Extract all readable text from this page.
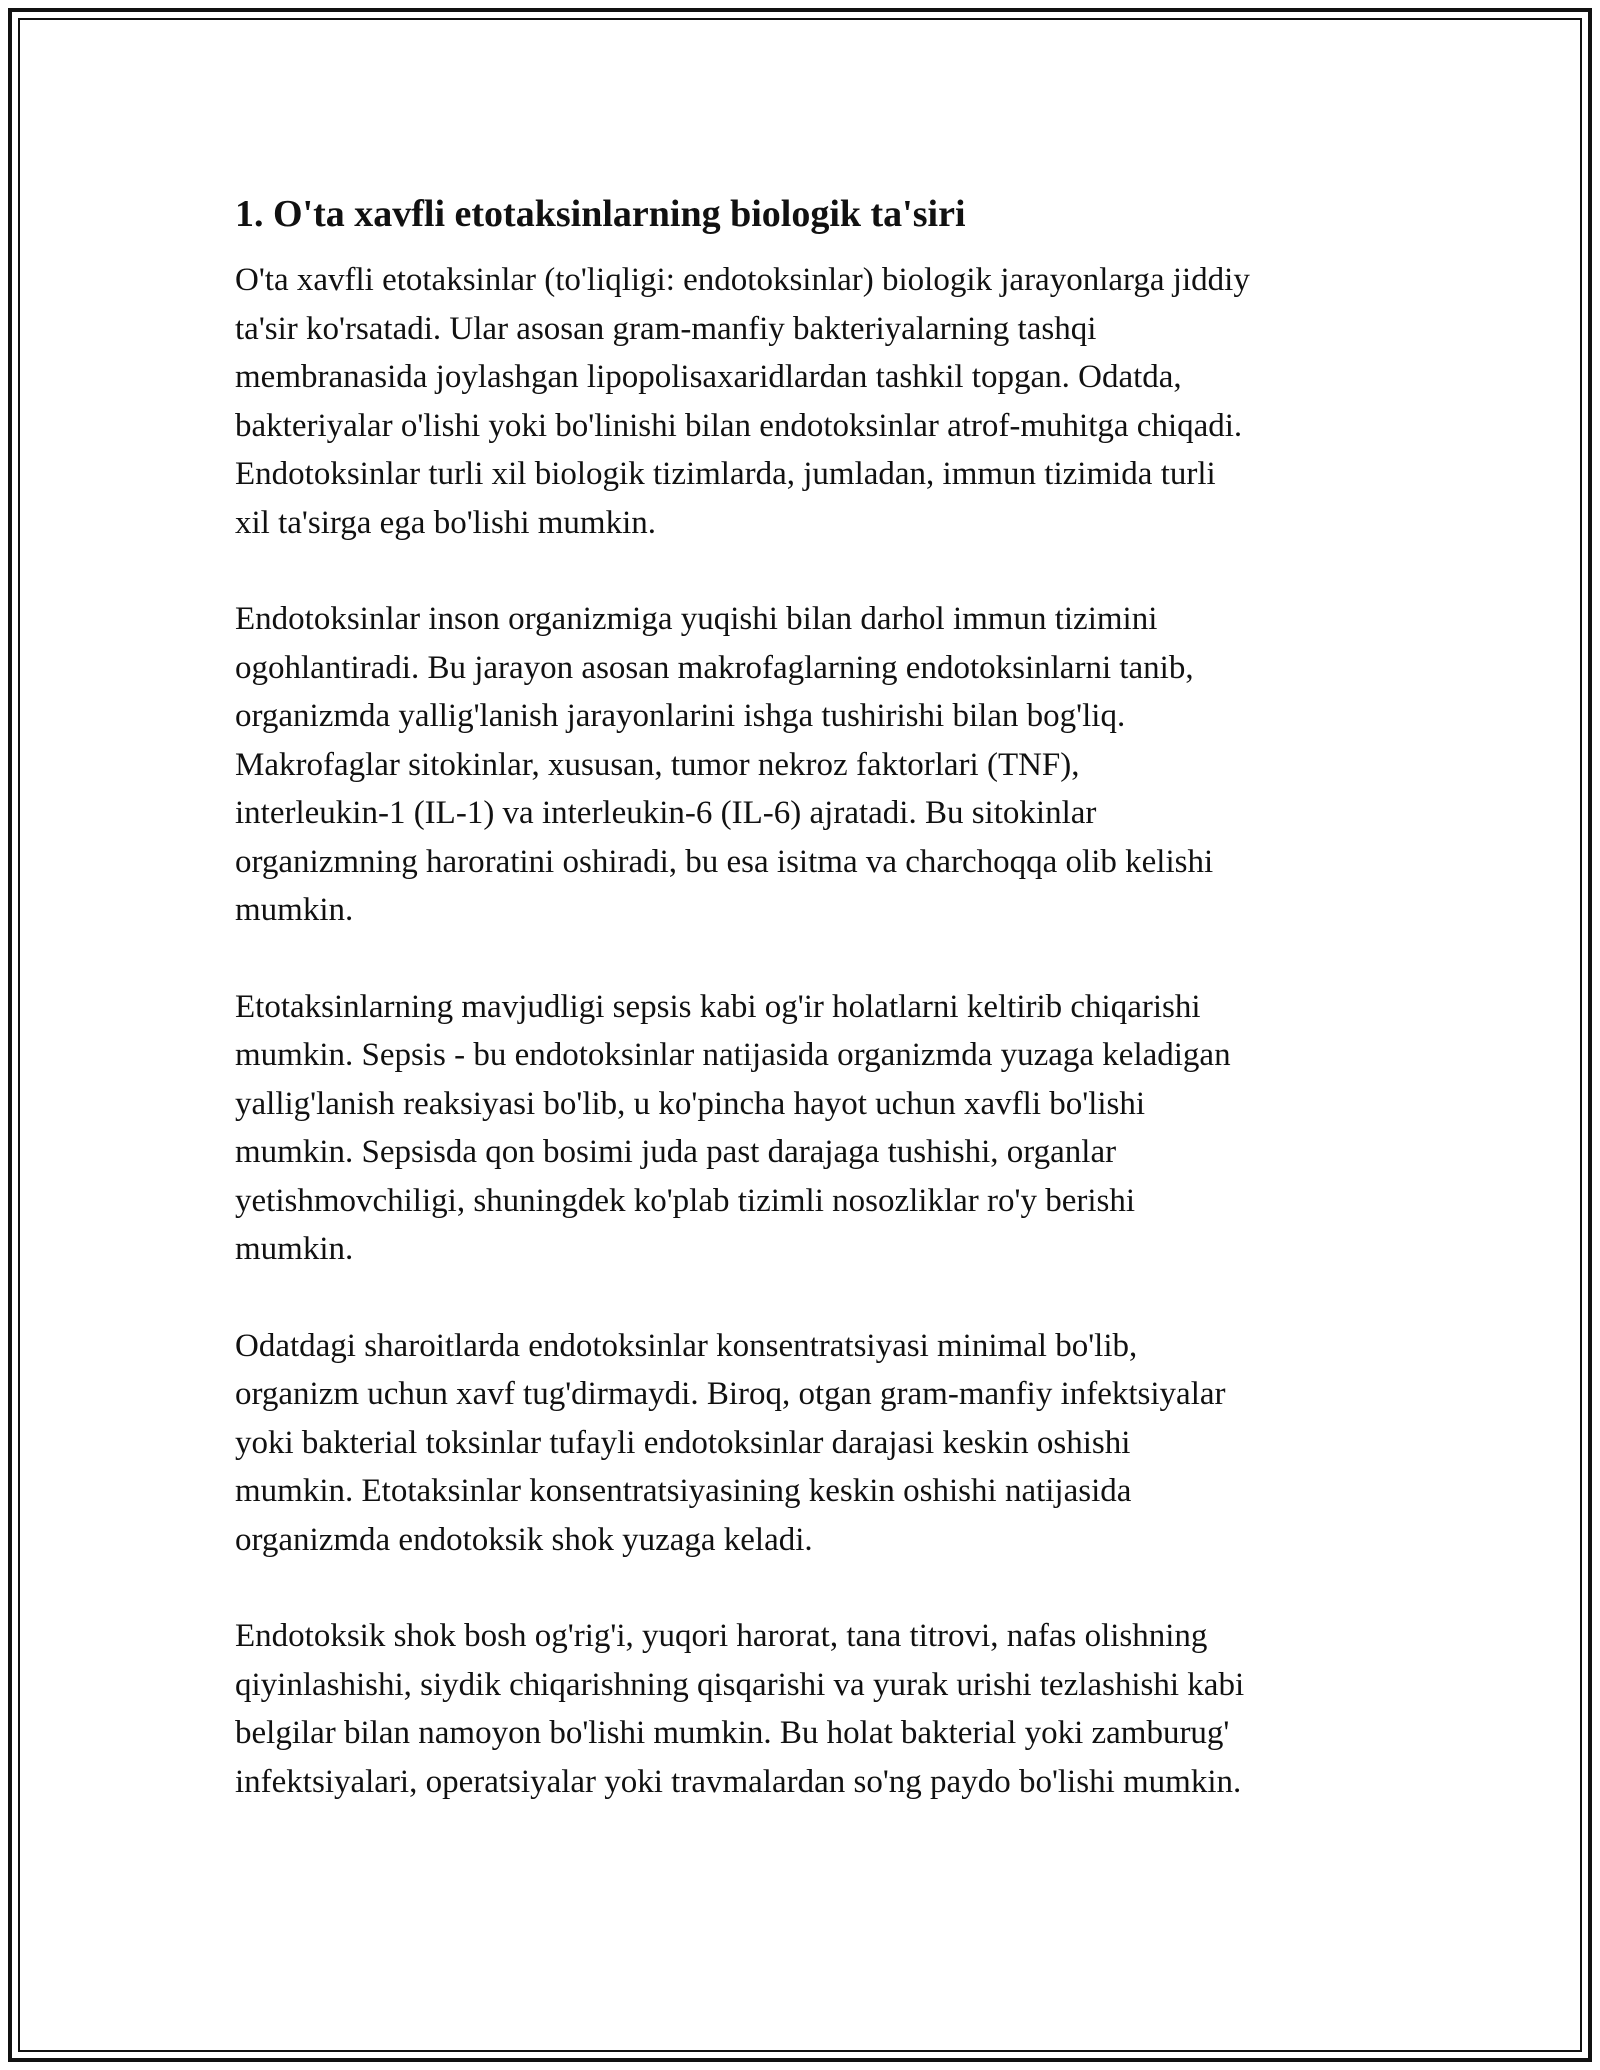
1. O'ta xavfli etotaksinlarning biologik ta'siri

O'ta xavfli etotaksinlar (to'liqligi: endotoksinlar) biologik jarayonlarga jiddiy
ta'sir ko'rsatadi. Ular asosan gram-manfiy bakteriyalarning tashqi
membranasida joylashgan lipopolisaxaridlardan tashkil topgan. Odatda,
bakteriyalar o'lishi yoki bo'linishi bilan endotoksinlar atrof-muhitga chiqadi.
Endotoksinlar turli xil biologik tizimlarda, jumladan, immun tizimida turli
xil ta'sirga ega bo'lishi mumkin.

Endotoksinlar inson organizmiga yuqishi bilan darhol immun tizimini
ogohlantiradi. Bu jarayon asosan makrofaglarning endotoksinlarni tanib,
organizmda yallig'lanish jarayonlarini ishga tushirishi bilan bog'liq.
Makrofaglar sitokinlar, xususan, tumor nekroz faktorlari (TNF),
interleukin-1 (IL-1) va interleukin-6 (IL-6) ajratadi. Bu sitokinlar
organizmning haroratini oshiradi, bu esa isitma va charchoqqa olib kelishi
mumkin.

Etotaksinlarning mavjudligi sepsis kabi og'ir holatlarni keltirib chiqarishi
mumkin. Sepsis - bu endotoksinlar natijasida organizmda yuzaga keladigan
yallig'lanish reaksiyasi bo'lib, u ko'pincha hayot uchun xavfli bo'lishi
mumkin. Sepsisda qon bosimi juda past darajaga tushishi, organlar
yetishmovchiligi, shuningdek ko'plab tizimli nosozliklar ro'y berishi
mumkin.

Odatdagi sharoitlarda endotoksinlar konsentratsiyasi minimal bo'lib,
organizm uchun xavf tug'dirmaydi. Biroq, otgan gram-manfiy infektsiyalar
yoki bakterial toksinlar tufayli endotoksinlar darajasi keskin oshishi
mumkin. Etotaksinlar konsentratsiyasining keskin oshishi natijasida
organizmda endotoksik shok yuzaga keladi.

Endotoksik shok bosh og'rig'i, yuqori harorat, tana titrovi, nafas olishning
qiyinlashishi, siydik chiqarishning qisqarishi va yurak urishi tezlashishi kabi
belgilar bilan namoyon bo'lishi mumkin. Bu holat bakterial yoki zamburug'
infektsiyalari, operatsiyalar yoki travmalardan so'ng paydo bo'lishi mumkin.
